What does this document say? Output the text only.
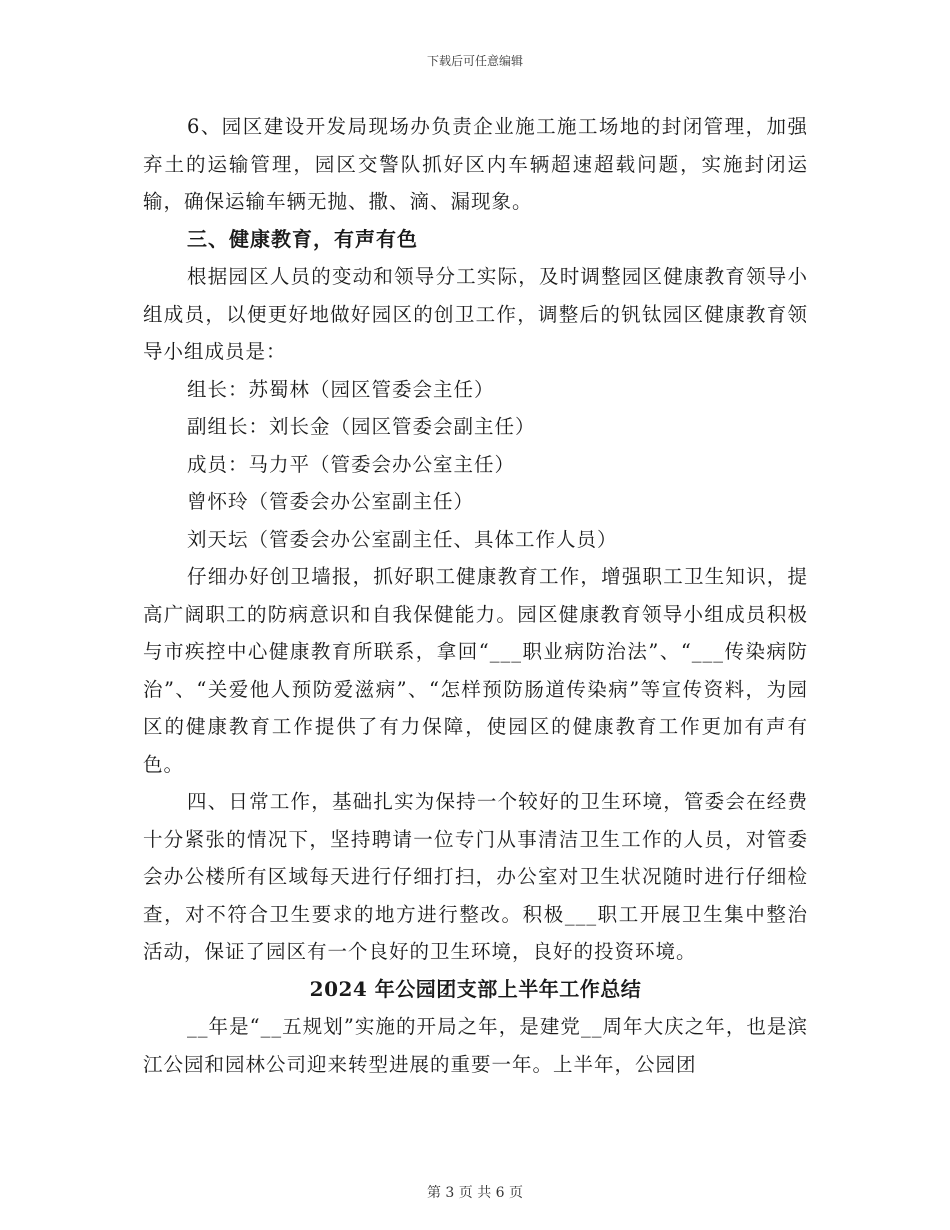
下载后可任意编辑

6、园区建设开发局现场办负责企业施工施工场地的封闭管理，加强弃土的运输管理，园区交警队抓好区内车辆超速超载问题，实施封闭运输，确保运输车辆无抛、撒、滴、漏现象。

三、健康教育，有声有色

根据园区人员的变动和领导分工实际，及时调整园区健康教育领导小组成员，以便更好地做好园区的创卫工作，调整后的钒钛园区健康教育领导小组成员是：

组长：苏蜀林（园区管委会主任）

副组长：刘长金（园区管委会副主任）

成员：马力平（管委会办公室主任）

曾怀玲（管委会办公室副主任）

刘天坛（管委会办公室副主任、具体工作人员）

仔细办好创卫墙报，抓好职工健康教育工作，增强职工卫生知识，提高广阔职工的防病意识和自我保健能力。园区健康教育领导小组成员积极与市疾控中心健康教育所联系，拿回“___职业病防治法”、“___传染病防治”、“关爱他人预防爱滋病”、“怎样预防肠道传染病”等宣传资料，为园区的健康教育工作提供了有力保障，使园区的健康教育工作更加有声有色。

四、日常工作，基础扎实为保持一个较好的卫生环境，管委会在经费十分紧张的情况下，坚持聘请一位专门从事清洁卫生工作的人员，对管委会办公楼所有区域每天进行仔细打扫，办公室对卫生状况随时进行仔细检查，对不符合卫生要求的地方进行整改。积极___职工开展卫生集中整治活动，保证了园区有一个良好的卫生环境，良好的投资环境。

2024 年公园团支部上半年工作总结

__年是“__五规划”实施的开局之年，是建党__周年大庆之年，也是滨江公园和园林公司迎来转型进展的重要一年。上半年，公园团

第 3 页 共 6 页
